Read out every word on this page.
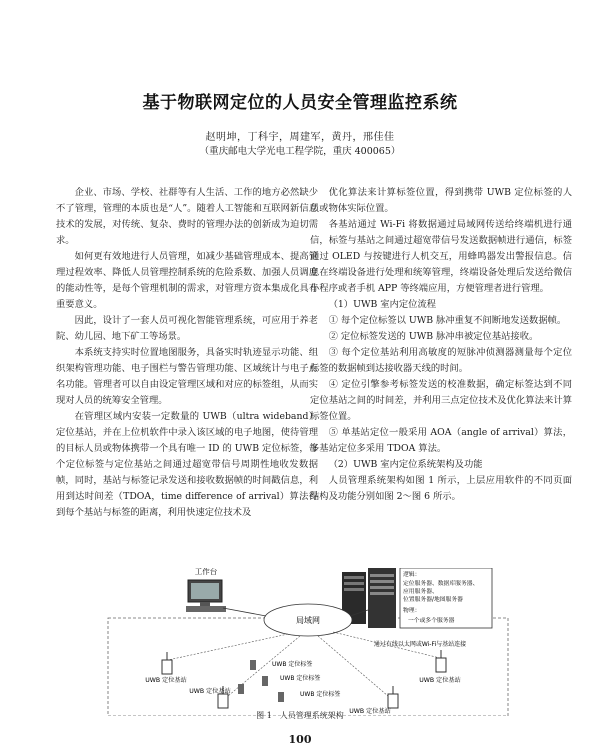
基于物联网定位的人员安全管理监控系统
赵明坤，丁科宇，周建军，黄丹，邢佳佳
（重庆邮电大学光电工程学院，重庆 400065）

企业、市场、学校、社群等有人生活、工作的地方必然缺少不了管理，管理的本质也是“人”。随着人工智能和互联网新信息技术的发展，对传统、复杂、费时的管理办法的创新成为迫切需求。

如何更有效地进行人员管理，如减少基础管理成本、提高管理过程效率、降低人员管理控制系统的危险系数、加强人员调度的能动性等，是每个管理机制的需求，对管理方资本集成化具有重要意义。

因此，设计了一套人员可视化智能管理系统，可应用于养老院、幼儿园、地下矿工等场景。

本系统支持实时位置地图服务，具备实时轨迹显示功能、组织架构管理功能、电子围栏与警告管理功能、区域统计与电子点名功能。管理者可以自由设定管理区域和对应的标签组，从而实现对人员的统筹安全管理。

在管理区域内安装一定数量的 UWB（ultra wideband）定位基站，并在上位机软件中录入该区域的电子地图，使待管理的目标人员或物体携带一个具有唯一 ID 的 UWB 定位标签，每个定位标签与定位基站之间通过超宽带信号周期性地收发数据帧，同时，基站与标签记录发送和接收数据帧的时间戳信息，利用到达时间差（TDOA，time difference of arrival）算法得到每个基站与标签的距离，利用快速定位技术及

优化算法来计算标签位置，得到携带 UWB 定位标签的人员或物体实际位置。

各基站通过 Wi-Fi 将数据通过局域网传送给终端机进行通信，标签与基站之间通过超宽带信号发送数据帧进行通信，标签通过 OLED 与按键进行人机交互，用蜂鸣器发出警报信息。信息在终端设备进行处理和统筹管理，终端设备处理后发送给微信小程序或者手机 APP 等终端应用，方便管理者进行管理。

（1）UWB 室内定位流程

① 每个定位标签以 UWB 脉冲重复不间断地发送数据帧。

② 定位标签发送的 UWB 脉冲串被定位基站接收。

③ 每个定位基站利用高敏度的短脉冲侦测器测量每个定位标签的数据帧到达接收器天线的时间。

④ 定位引擎参考标签发送的校准数据，确定标签达到不同定位基站之间的时间差，并利用三点定位技术及优化算法来计算标签位置。

⑤ 单基站定位一般采用 AOA（angle of arrival）算法，多基站定位多采用 TDOA 算法。

（2）UWB 室内定位系统架构及功能

人员管理系统架构如图 1 所示，上层应用软件的不同页面结构及功能分别如图 2～图 6 所示。

工作台	逻辑： 定位服务器、数据库服务器、 应用服务器、 位置服务器/地图服务器 物理： 一个或多个服务器
局域网
通过有线以太网或Wi-Fi与基站连接
UWB 定位基站
UWB 定位基站
UWB 定位基站
UWB 定位基站
UWB 定位标签
UWB 定位标签
UWB 定位标签
图 1　人员管理系统架构
100
